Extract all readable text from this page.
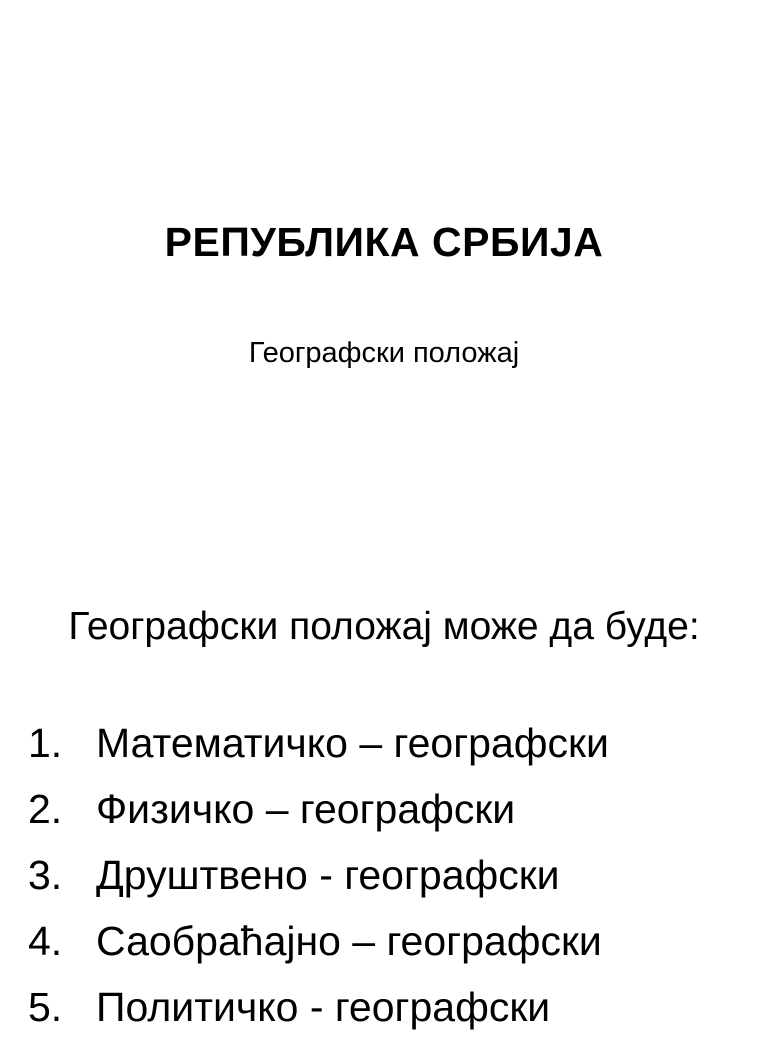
РЕПУБЛИКА СРБИЈА
Географски положај
Географски положај може да буде:
1. Математичко – географски
2. Физичко – географски
3. Друштвено - географски
4. Саобраћајно – географски
5. Политичко - географски
